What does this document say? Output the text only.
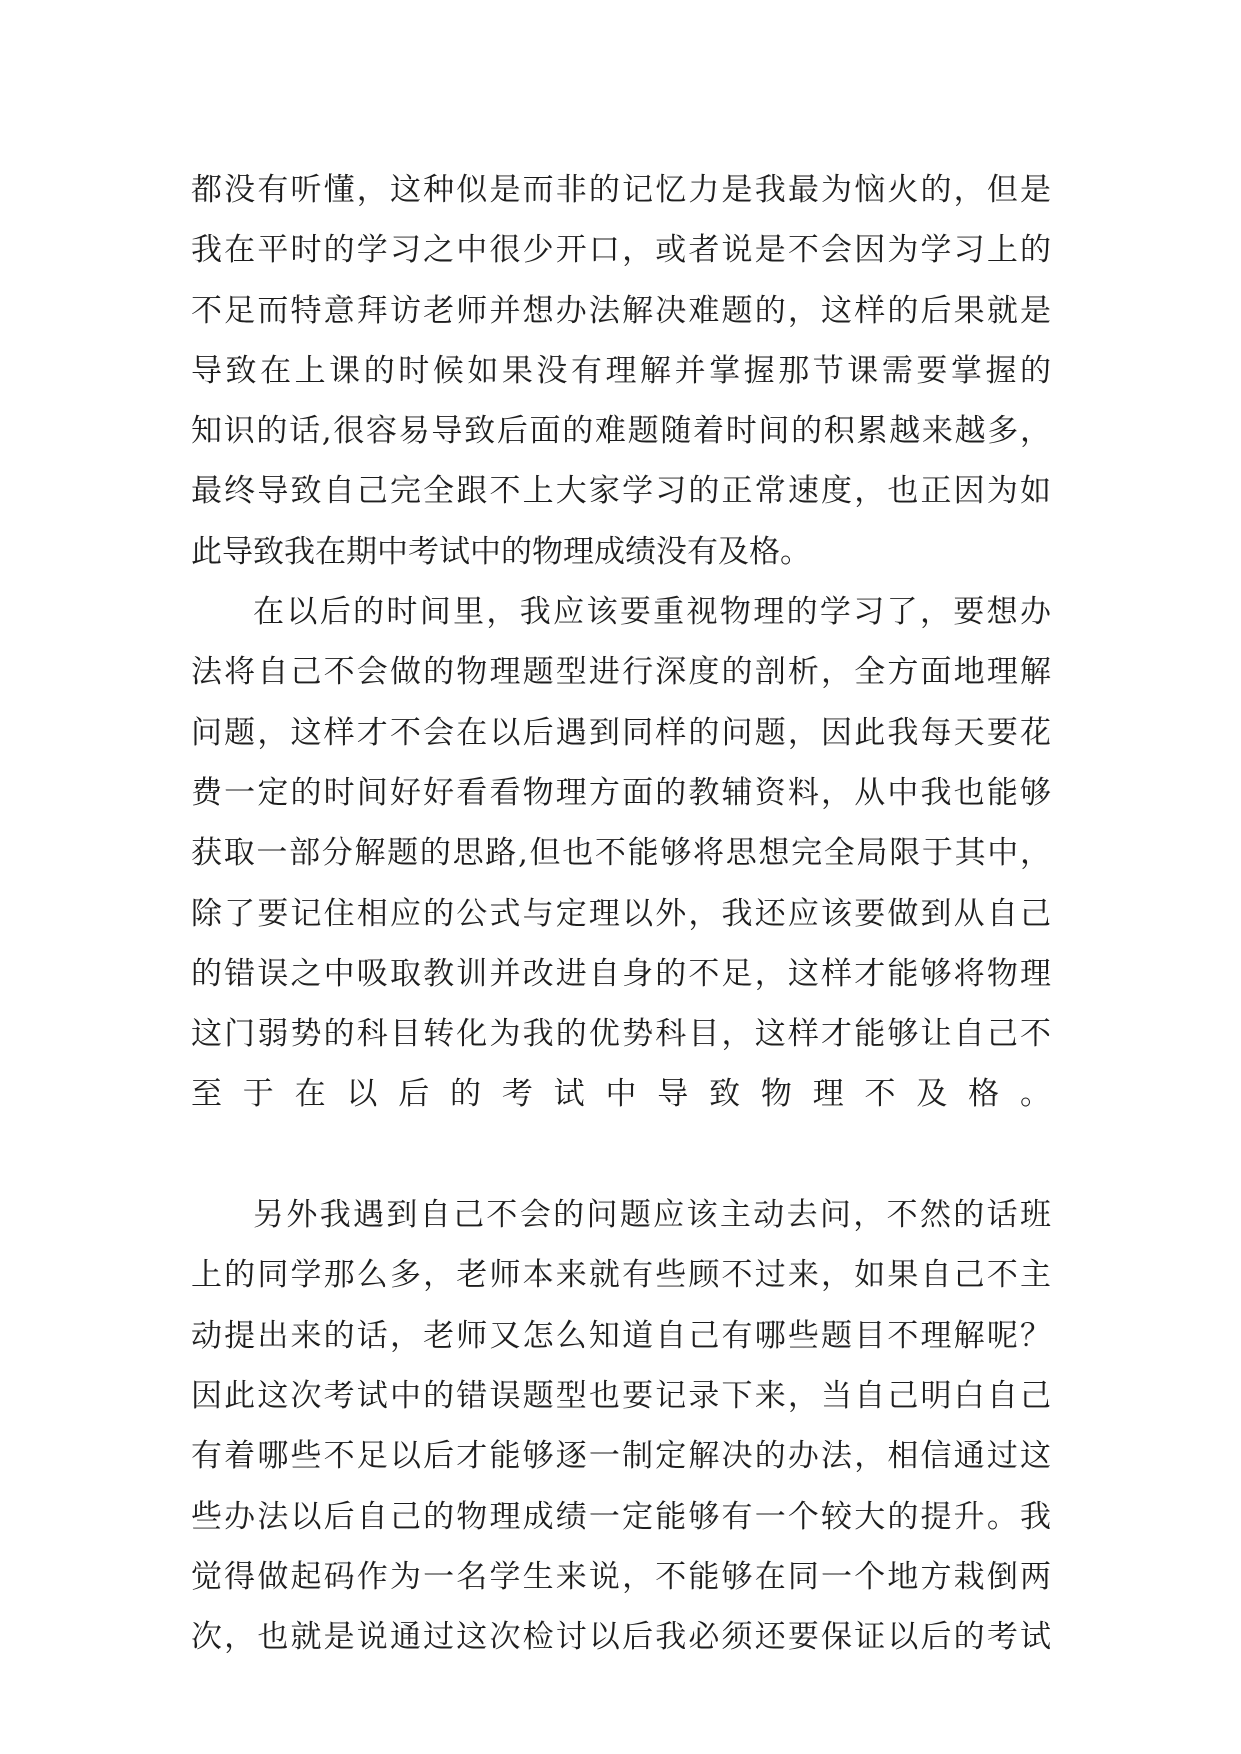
都没有听懂，这种似是而非的记忆力是我最为恼火的，但是
我在平时的学习之中很少开口，或者说是不会因为学习上的
不足而特意拜访老师并想办法解决难题的，这样的后果就是
导致在上课的时候如果没有理解并掌握那节课需要掌握的
知识的话,很容易导致后面的难题随着时间的积累越来越多，
最终导致自己完全跟不上大家学习的正常速度，也正因为如
此导致我在期中考试中的物理成绩没有及格。
在以后的时间里，我应该要重视物理的学习了，要想办
法将自己不会做的物理题型进行深度的剖析，全方面地理解
问题，这样才不会在以后遇到同样的问题，因此我每天要花
费一定的时间好好看看物理方面的教辅资料，从中我也能够
获取一部分解题的思路,但也不能够将思想完全局限于其中，
除了要记住相应的公式与定理以外，我还应该要做到从自己
的错误之中吸取教训并改进自身的不足，这样才能够将物理
这门弱势的科目转化为我的优势科目，这样才能够让自己不
至于在以后的考试中导致物理不及格。
另外我遇到自己不会的问题应该主动去问，不然的话班
上的同学那么多，老师本来就有些顾不过来，如果自己不主
动提出来的话，老师又怎么知道自己有哪些题目不理解呢？
因此这次考试中的错误题型也要记录下来，当自己明白自己
有着哪些不足以后才能够逐一制定解决的办法，相信通过这
些办法以后自己的物理成绩一定能够有一个较大的提升。我
觉得做起码作为一名学生来说，不能够在同一个地方栽倒两
次，也就是说通过这次检讨以后我必须还要保证以后的考试
